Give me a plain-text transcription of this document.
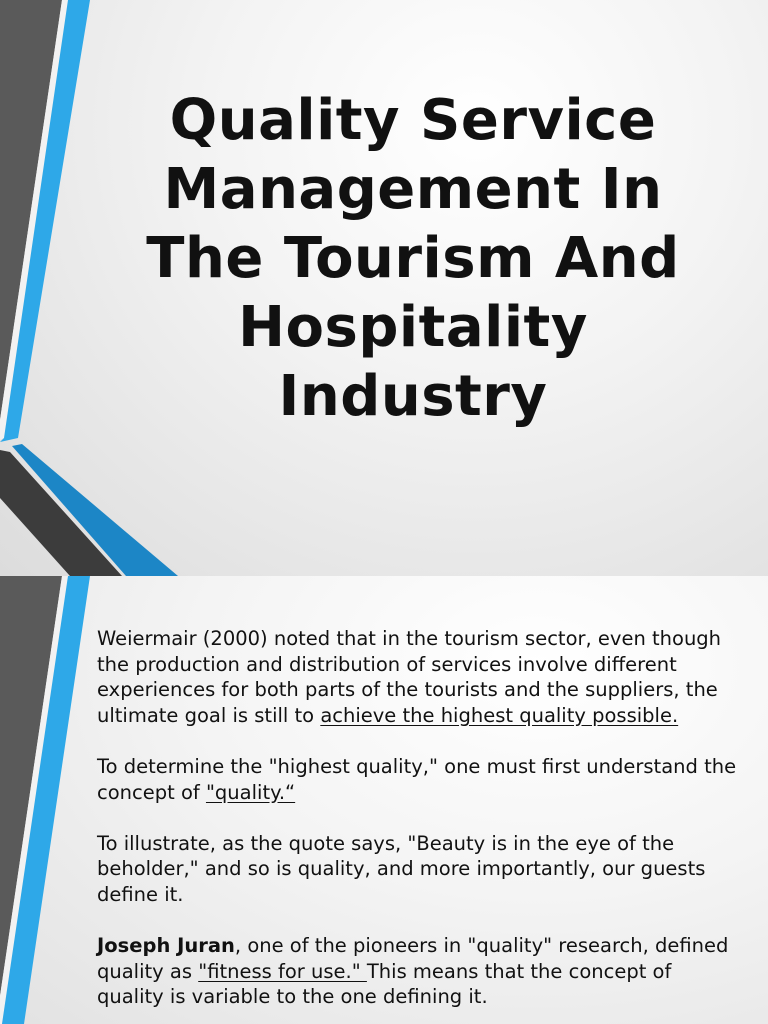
Quality Service Management In The Tourism And Hospitality Industry

Weiermair (2000) noted that in the tourism sector, even though the production and distribution of services involve different experiences for both parts of the tourists and the suppliers, the ultimate goal is still to achieve the highest quality possible.

To determine the "highest quality," one must first understand the concept of "quality.“

To illustrate, as the quote says, "Beauty is in the eye of the beholder," and so is quality, and more importantly, our guests define it.

Joseph Juran, one of the pioneers in "quality" research, defined quality as "fitness for use." This means that the concept of quality is variable to the one defining it.
